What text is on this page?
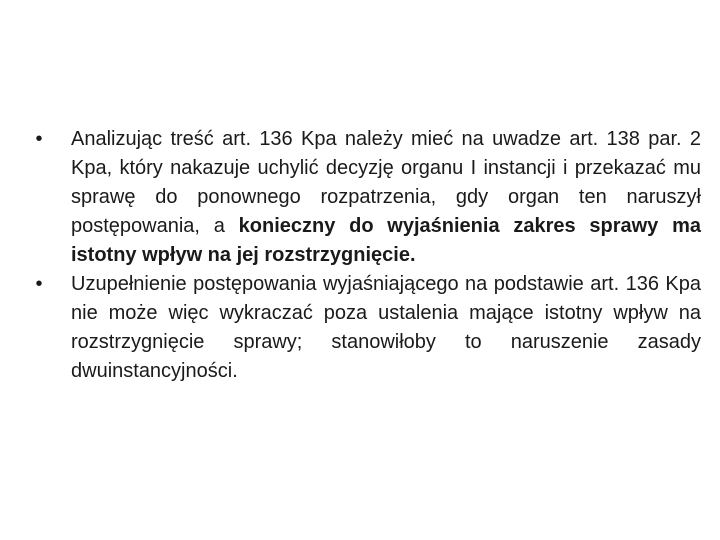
•	Analizując treść art. 136 Kpa należy mieć na uwadze art. 138 par. 2 Kpa, który nakazuje uchylić decyzję organu I instancji i przekazać mu sprawę do ponownego rozpatrzenia, gdy organ ten naruszył postępowania, a konieczny do wyjaśnienia zakres sprawy ma istotny wpływ na jej rozstrzygnięcie.

•	Uzupełnienie postępowania wyjaśniającego na podstawie art. 136 Kpa nie może więc wykraczać poza ustalenia mające istotny wpływ na rozstrzygnięcie sprawy; stanowiłoby to naruszenie zasady dwuinstancyjności.
